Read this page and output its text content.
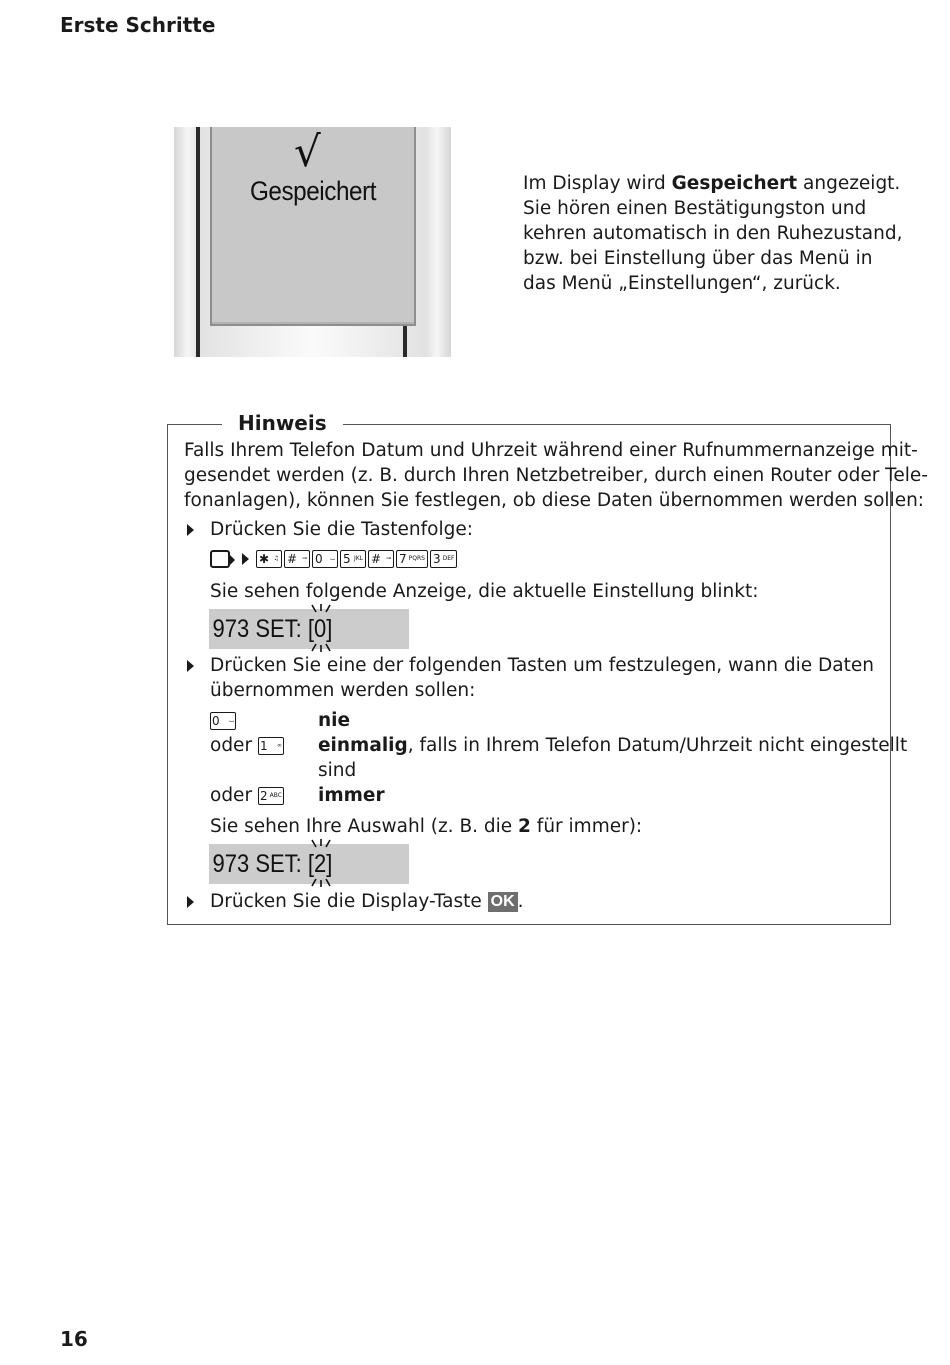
Erste Schritte
√
Gespeichert	Im Display wird Gespeichert angezeigt. Sie hören einen Bestätigungston und kehren automatisch in den Ruhezustand, bzw. bei Einstellung über das Menü in das Menü „Einstellungen“, zurück.

Hinweis
Falls Ihrem Telefon Datum und Uhrzeit während einer Rufnummernanzeige mit-
gesendet werden (z. B. durch Ihren Netzbetreiber, durch einen Router oder Tele-
fonanlagen), können Sie festlegen, ob diese Daten übernommen werden sollen:
Drücken Sie die Tastenfolge:
✱ ♫ # ⊸ 0 ⌴ 5 JKL # ⊸ 7 PQRS 3 DEF
Sie sehen folgende Anzeige, die aktuelle Einstellung blinkt:
973 SET: [0]
Drücken Sie eine der folgenden Tasten um festzulegen, wann die Daten
übernommen werden sollen:
0 ⌴	nie
oder 1 ∞ einmalig, falls in Ihrem Telefon Datum/Uhrzeit nicht eingestellt
sind
oder 2 ABC immer
Sie sehen Ihre Auswahl (z. B. die 2 für immer):
973 SET: [2]
Drücken Sie die Display-Taste OK .
16
